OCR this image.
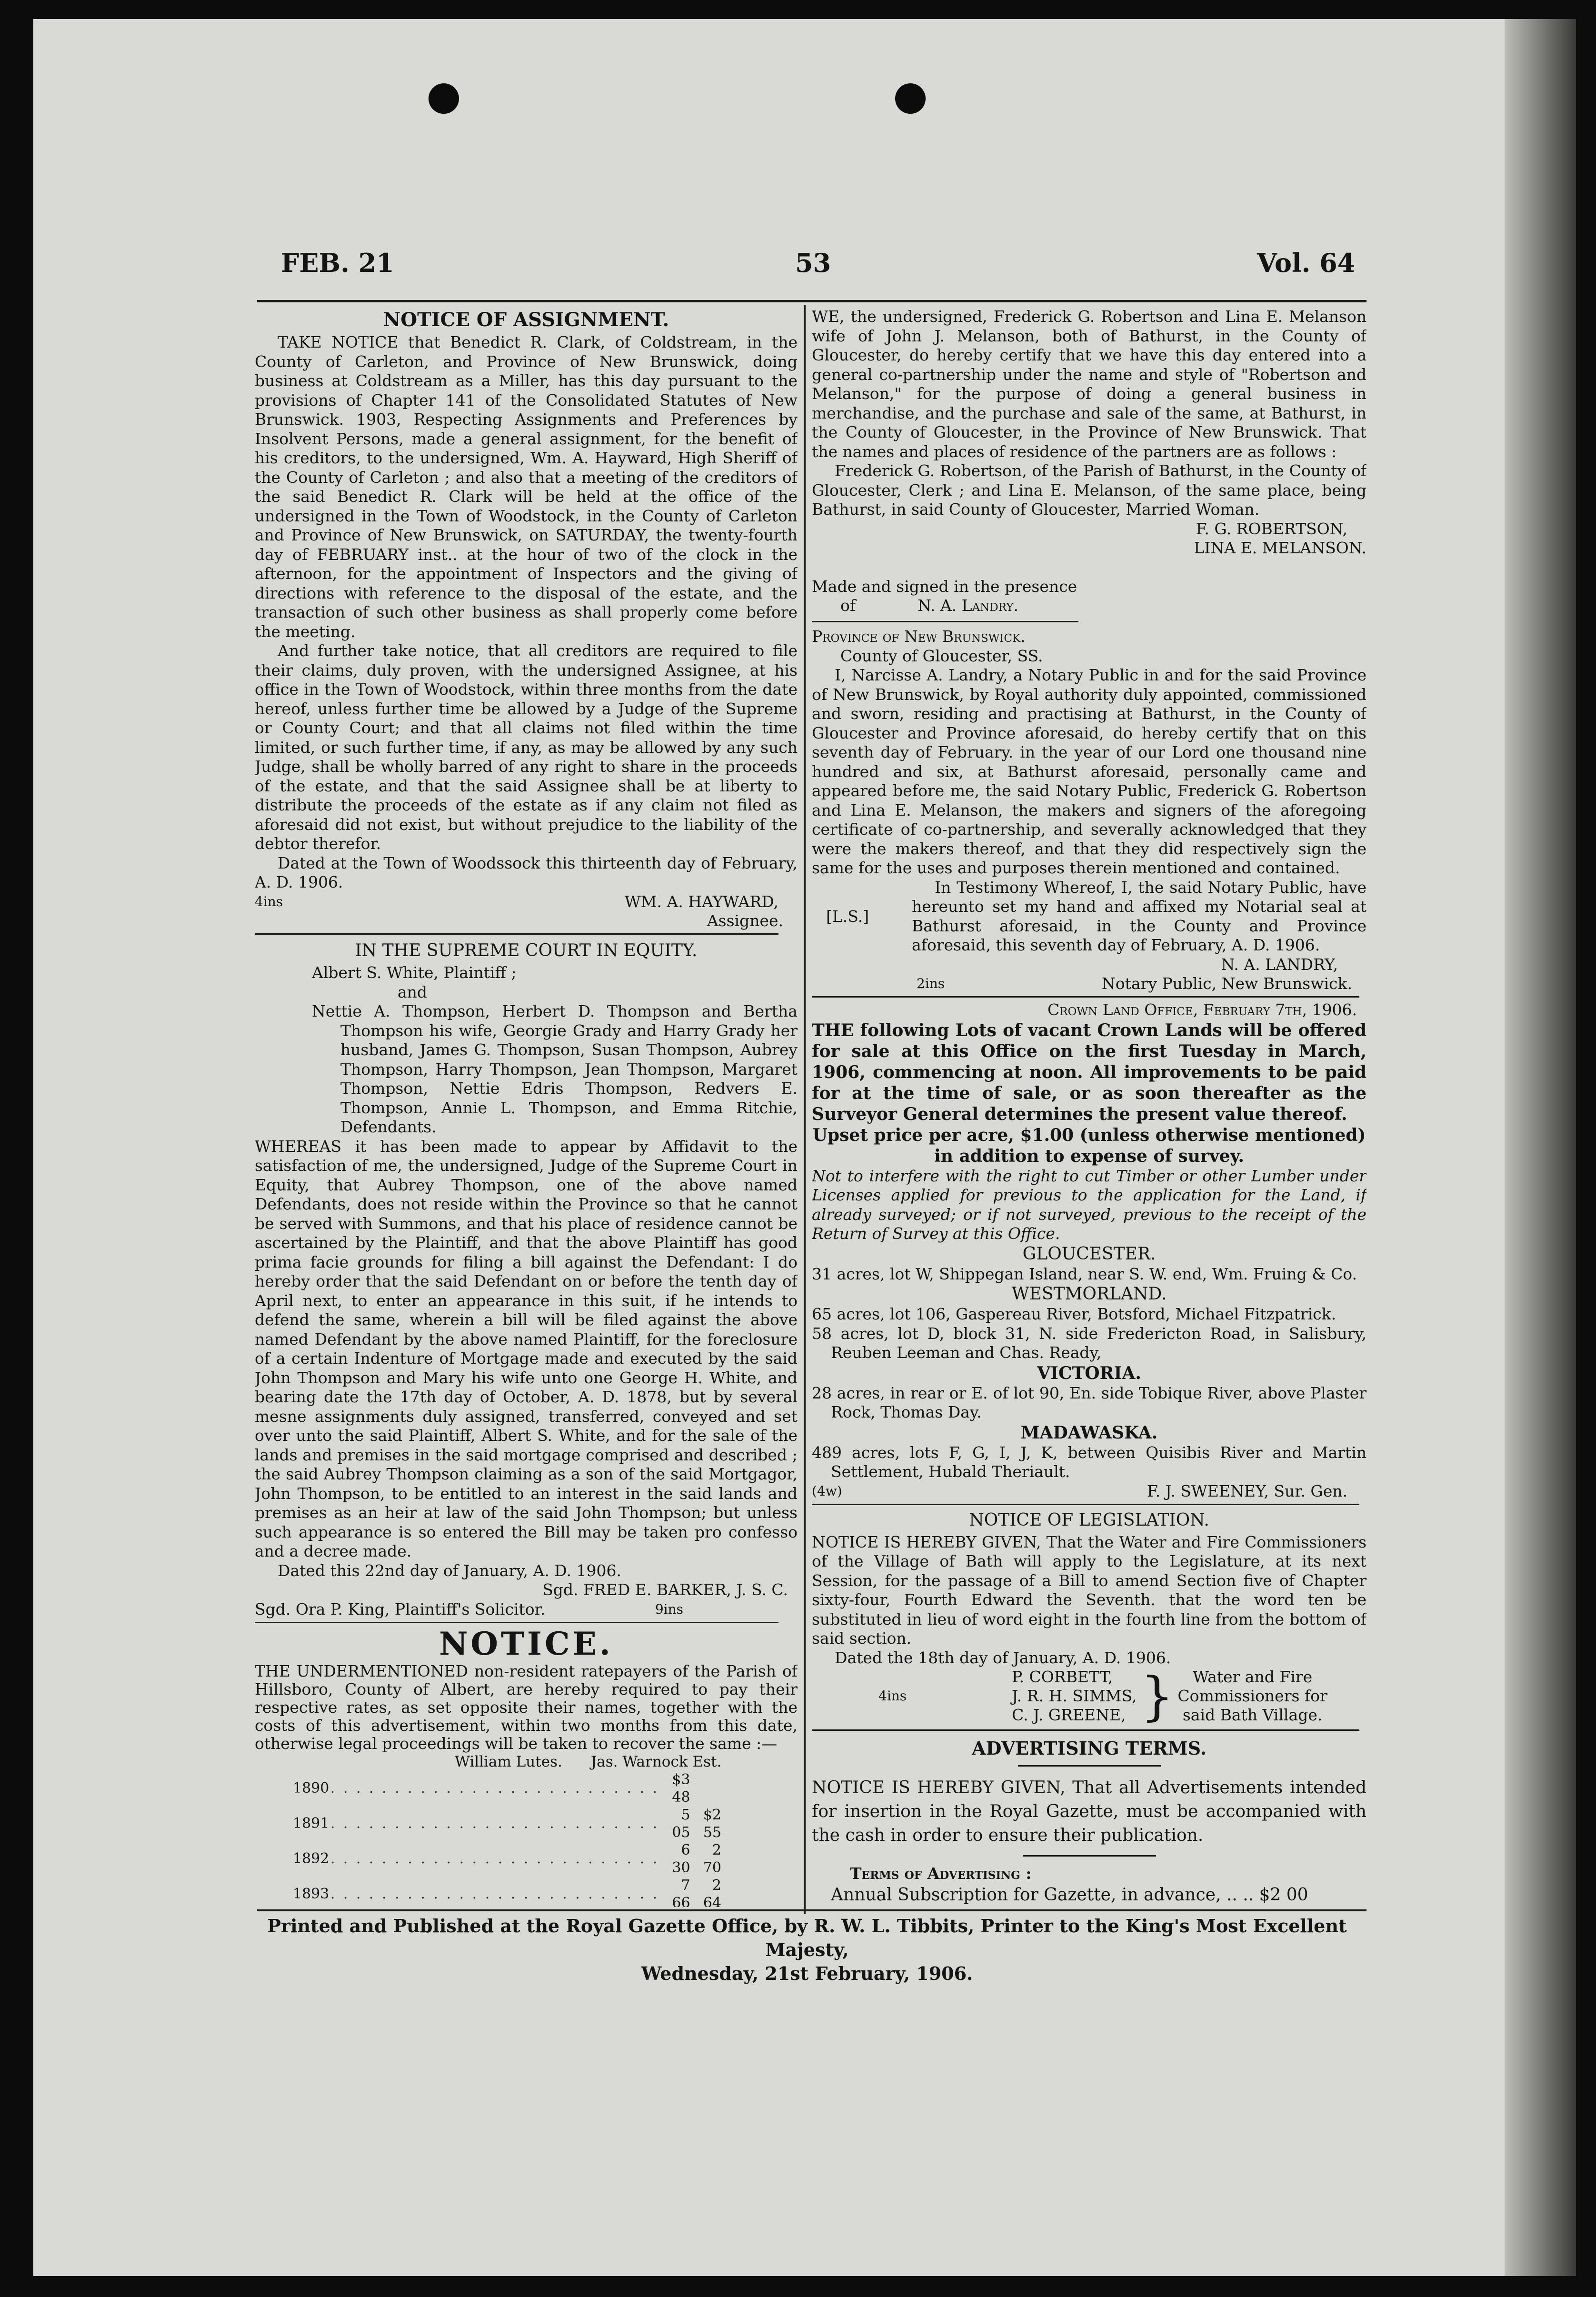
FEB. 21	53	Vol. 64

NOTICE OF ASSIGNMENT.

TAKE NOTICE that Benedict R. Clark, of Coldstream, in the County of Carleton, and Province of New Brunswick, doing business at Coldstream as a Miller, has this day pursuant to the provisions of Chapter 141 of the Consolidated Statutes of New Brunswick. 1903, Respecting Assignments and Preferences by Insolvent Persons, made a general assignment, for the benefit of his creditors, to the undersigned, Wm. A. Hayward, High Sheriff of the County of Carleton ; and also that a meeting of the creditors of the said Benedict R. Clark will be held at the office of the undersigned in the Town of Woodstock, in the County of Carleton and Province of New Brunswick, on SATURDAY, the twenty-fourth day of FEBRUARY inst.. at the hour of two of the clock in the afternoon, for the appointment of Inspectors and the giving of directions with reference to the disposal of the estate, and the transaction of such other business as shall properly come before the meeting.

And further take notice, that all creditors are required to file their claims, duly proven, with the undersigned Assignee, at his office in the Town of Woodstock, within three months from the date hereof, unless further time be allowed by a Judge of the Supreme or County Court; and that all claims not filed within the time limited, or such further time, if any, as may be allowed by any such Judge, shall be wholly barred of any right to share in the proceeds of the estate, and that the said Assignee shall be at liberty to distribute the proceeds of the estate as if any claim not filed as aforesaid did not exist, but without prejudice to the liability of the debtor therefor.

Dated at the Town of Woodssock this thirteenth day of February, A. D. 1906.

4ins	WM. A. HAYWARD,

Assignee.

IN THE SUPREME COURT IN EQUITY.

Albert S. White, Plaintiff ;

and

Nettie A. Thompson, Herbert D. Thompson and Bertha Thompson his wife, Georgie Grady and Harry Grady her husband, James G. Thompson, Susan Thompson, Aubrey Thompson, Harry Thompson, Jean Thompson, Margaret Thompson, Nettie Edris Thompson, Redvers E. Thompson, Annie L. Thompson, and Emma Ritchie, Defendants.

WHEREAS it has been made to appear by Affidavit to the satisfaction of me, the undersigned, Judge of the Supreme Court in Equity, that Aubrey Thompson, one of the above named Defendants, does not reside within the Province so that he cannot be served with Summons, and that his place of residence cannot be ascertained by the Plaintiff, and that the above Plaintiff has good prima facie grounds for filing a bill against the Defendant: I do hereby order that the said Defendant on or before the tenth day of April next, to enter an appearance in this suit, if he intends to defend the same, wherein a bill will be filed against the above named Defendant by the above named Plaintiff, for the foreclosure of a certain Indenture of Mortgage made and executed by the said John Thompson and Mary his wife unto one George H. White, and bearing date the 17th day of October, A. D. 1878, but by several mesne assignments duly assigned, transferred, conveyed and set over unto the said Plaintiff, Albert S. White, and for the sale of the lands and premises in the said mortgage comprised and described ; the said Aubrey Thompson claiming as a son of the said Mortgagor, John Thompson, to be entitled to an interest in the said lands and premises as an heir at law of the said John Thompson; but unless such appearance is so entered the Bill may be taken pro confesso and a decree made.

Dated this 22nd day of January, A. D. 1906.

Sgd. FRED E. BARKER, J. S. C.

Sgd. Ora P. King, Plaintiff's Solicitor.	9ins

NOTICE.

THE UNDERMENTIONED non-resident ratepayers of the Parish of Hillsboro, County of Albert, are hereby required to pay their respective rates, as set opposite their names, together with the costs of this advertisement, within two months from this date, otherwise legal proceedings will be taken to recover the same :—

William Lutes. Jas. Warnock Est.
1890	. . . . . . . . . . . . . . . . . . . . . . . . . .	$3 48	
1891	. . . . . . . . . . . . . . . . . . . . . . . . . .	5 05	$2 55
1892	. . . . . . . . . . . . . . . . . . . . . . . . . .	6 30	2 70
1893	. . . . . . . . . . . . . . . . . . . . . . . . . .	7 66	2 64

WE, the undersigned, Frederick G. Robertson and Lina E. Melanson wife of John J. Melanson, both of Bathurst, in the County of Gloucester, do hereby certify that we have this day entered into a general co-partnership under the name and style of "Robertson and Melanson," for the purpose of doing a general business in merchandise, and the purchase and sale of the same, at Bathurst, in the County of Gloucester, in the Province of New Brunswick. That the names and places of residence of the partners are as follows :

Frederick G. Robertson, of the Parish of Bathurst, in the County of Gloucester, Clerk ; and Lina E. Melanson, of the same place, being Bathurst, in said County of Gloucester, Married Woman.

F. G. ROBERTSON,

LINA E. MELANSON.

Made and signed in the presence

of	N. A. Landry.

Province of New Brunswick.

County of Gloucester, SS.

I, Narcisse A. Landry, a Notary Public in and for the said Province of New Brunswick, by Royal authority duly appointed, commissioned and sworn, residing and practising at Bathurst, in the County of Gloucester and Province aforesaid, do hereby certify that on this seventh day of February. in the year of our Lord one thousand nine hundred and six, at Bathurst aforesaid, personally came and appeared before me, the said Notary Public, Frederick G. Robertson and Lina E. Melanson, the makers and signers of the aforegoing certificate of co-partnership, and severally acknowledged that they were the makers thereof, and that they did respectively sign the same for the uses and purposes therein mentioned and contained.

[L.S.]

In Testimony Whereof, I, the said Notary Public, have hereunto set my hand and affixed my Notarial seal at Bathurst aforesaid, in the County and Province aforesaid, this seventh day of February, A. D. 1906.

N. A. LANDRY,

2ins	Notary Public, New Brunswick.

Crown Land Office, February 7th, 1906.

THE following Lots of vacant Crown Lands will be offered for sale at this Office on the first Tuesday in March, 1906, commencing at noon. All improvements to be paid for at the time of sale, or as soon thereafter as the Surveyor General determines the present value thereof.

Upset price per acre, $1.00 (unless otherwise mentioned) in addition to expense of survey.

Not to interfere with the right to cut Timber or other Lumber under Licenses applied for previous to the application for the Land, if already surveyed; or if not surveyed, previous to the receipt of the Return of Survey at this Office.

GLOUCESTER.

31 acres, lot W, Shippegan Island, near S. W. end, Wm. Fruing & Co.

WESTMORLAND.

65 acres, lot 106, Gaspereau River, Botsford, Michael Fitzpatrick.

58 acres, lot D, block 31, N. side Fredericton Road, in Salisbury, Reuben Leeman and Chas. Ready,

VICTORIA.

28 acres, in rear or E. of lot 90, En. side Tobique River, above Plaster Rock, Thomas Day.

MADAWASKA.

489 acres, lots F, G, I, J, K, between Quisibis River and Martin Settlement, Hubald Theriault.

(4w)	F. J. SWEENEY, Sur. Gen.

NOTICE OF LEGISLATION.

NOTICE IS HEREBY GIVEN, That the Water and Fire Commissioners of the Village of Bath will apply to the Legislature, at its next Session, for the passage of a Bill to amend Section five of Chapter sixty-four, Fourth Edward the Seventh. that the word ten be substituted in lieu of word eight in the fourth line from the bottom of said section.

Dated the 18th day of January, A. D. 1906.

4ins
P. CORBETT,
J. R. H. SIMMS,
C. J. GREENE, }	Water and Fire
Commissioners for
said Bath Village.

ADVERTISING TERMS.

NOTICE IS HEREBY GIVEN, That all Advertisements intended for insertion in the Royal Gazette, must be accompanied with the cash in order to ensure their publication.

Terms of Advertising :

Annual Subscription for Gazette, in advance, .. .. $2 00

Printed and Published at the Royal Gazette Office, by R. W. L. Tibbits, Printer to the King's Most Excellent Majesty,
Wednesday, 21st February, 1906.
